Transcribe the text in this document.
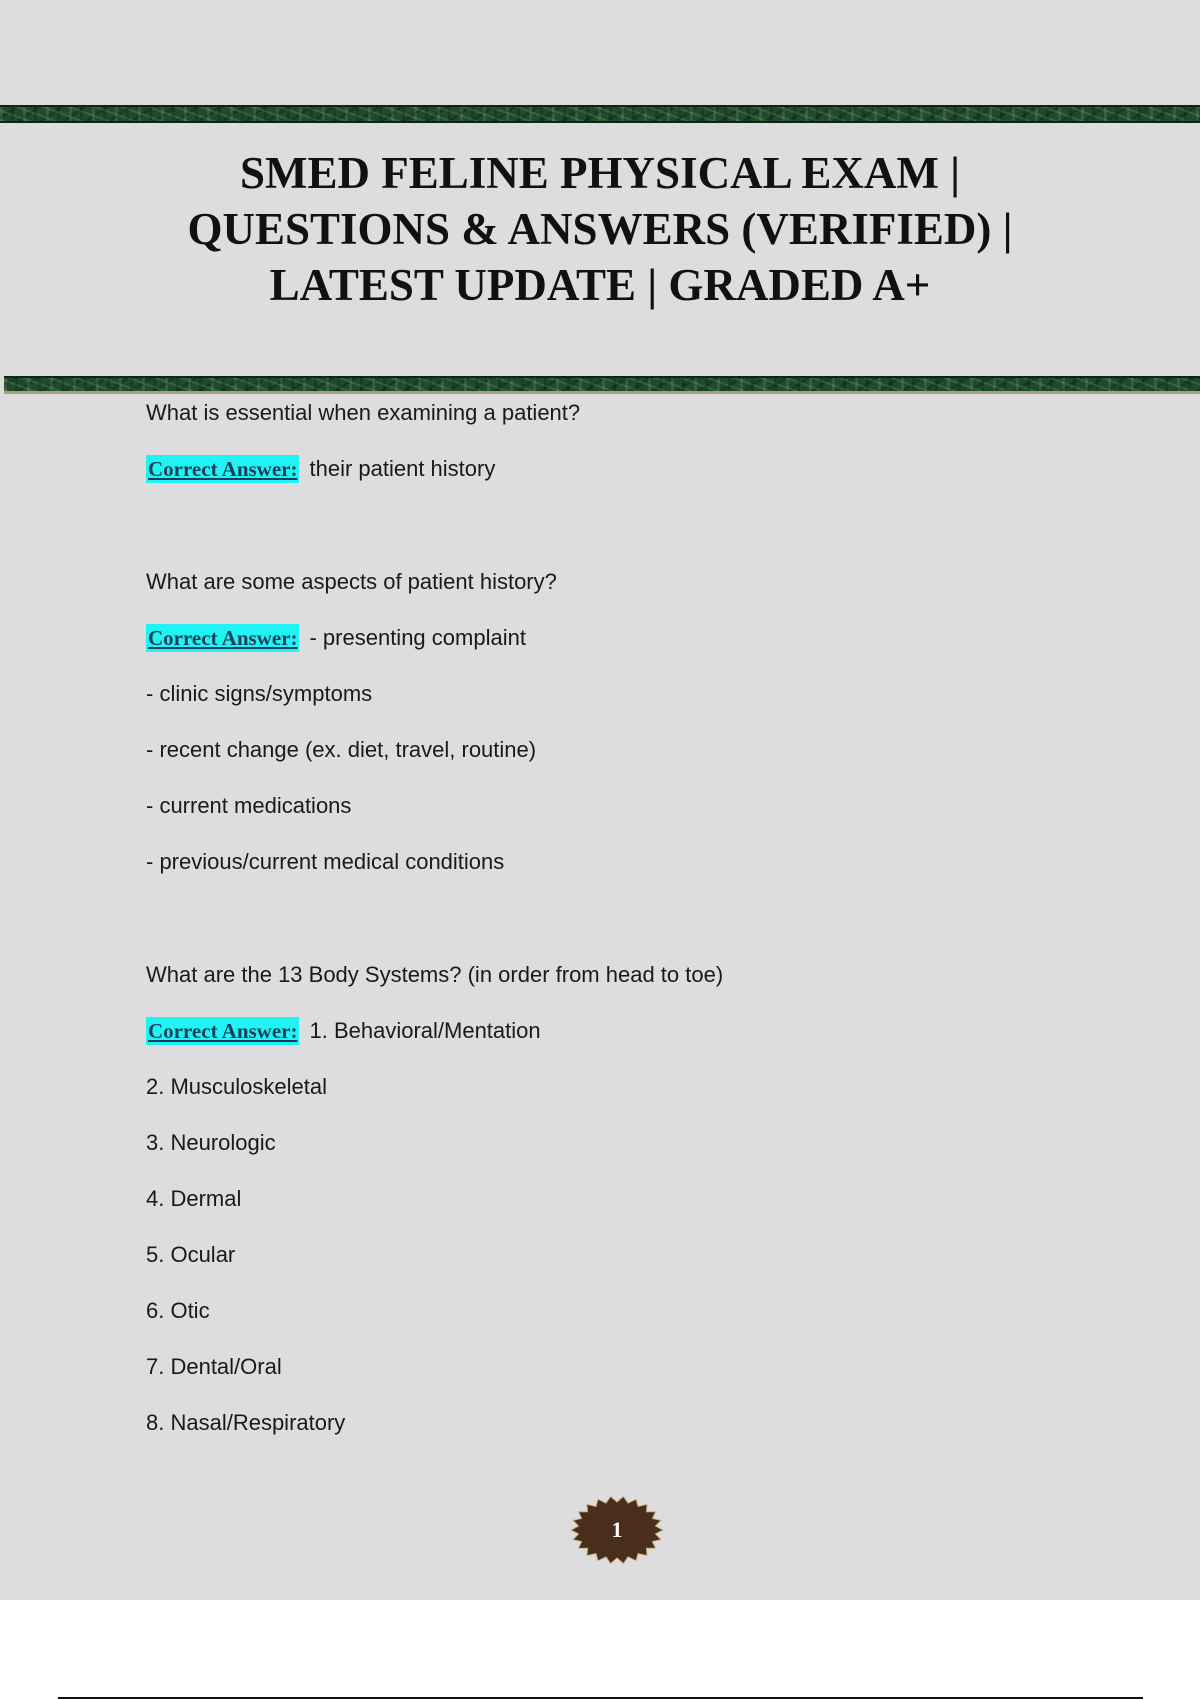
SMED FELINE PHYSICAL EXAM |
QUESTIONS & ANSWERS (VERIFIED) |
LATEST UPDATE | GRADED A+
What is essential when examining a patient?
Correct Answer: their patient history
What are some aspects of patient history?
Correct Answer: - presenting complaint
- clinic signs/symptoms
- recent change (ex. diet, travel, routine)
- current medications
- previous/current medical conditions
What are the 13 Body Systems? (in order from head to toe)
Correct Answer: 1. Behavioral/Mentation
2. Musculoskeletal
3. Neurologic
4. Dermal
5. Ocular
6. Otic
7. Dental/Oral
8. Nasal/Respiratory
1
